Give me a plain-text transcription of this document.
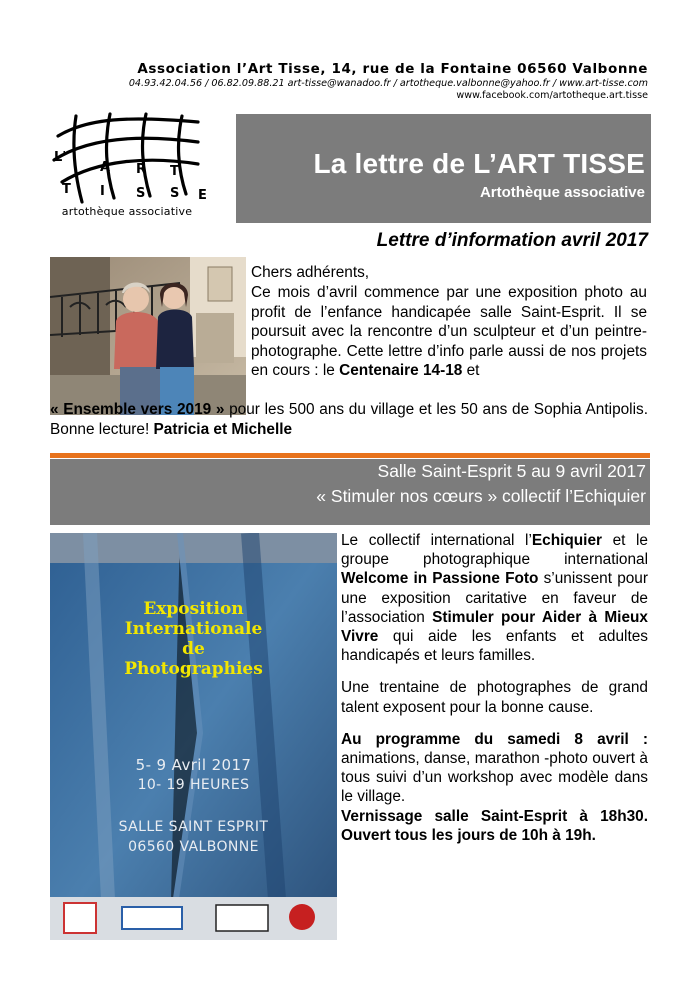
Association l’Art Tisse, 14, rue de la Fontaine 06560 Valbonne
04.93.42.04.56 / 06.82.09.88.21 art-tisse@wanadoo.fr / artotheque.valbonne@yahoo.fr / www.art-tisse.com
www.facebook.com/artotheque.art.tisse
L'
A R T
T I S S E
artothèque associative
La lettre de L’ART TISSE
Artothèque associative
Lettre d’information avril 2017
Chers adhérents,
Ce mois d’avril commence par une exposition photo au profit de l’enfance handicapée salle Saint-Esprit. Il se poursuit avec la rencontre d’un sculpteur et d’un peintre-photographe. Cette lettre d’info parle aussi de nos projets en cours : le Centenaire 14-18 et
« Ensemble vers 2019 » pour les 500 ans du village et les 50 ans de Sophia Antipolis. Bonne lecture! Patricia et Michelle
Salle Saint-Esprit 5 au 9 avril 2017
« Stimuler nos cœurs » collectif l’Echiquier
Exposition
Internationale
de
Photographies
5- 9 Avril 2017
10- 19 HEURES
SALLE SAINT ESPRIT
06560 VALBONNE

Le collectif international l’Echiquier et le groupe photographique international Welcome in Passione Foto s’unissent pour une exposition caritative en faveur de l’association Stimuler pour Aider à Mieux Vivre qui aide les enfants et adultes handicapés et leurs familles.

Une trentaine de photographes de grand talent exposent pour la bonne cause.

Au programme du samedi 8 avril : animations, danse, marathon -photo ouvert à tous suivi d’un workshop avec modèle dans le village.

Vernissage salle Saint-Esprit à 18h30. Ouvert tous les jours de 10h à 19h.
